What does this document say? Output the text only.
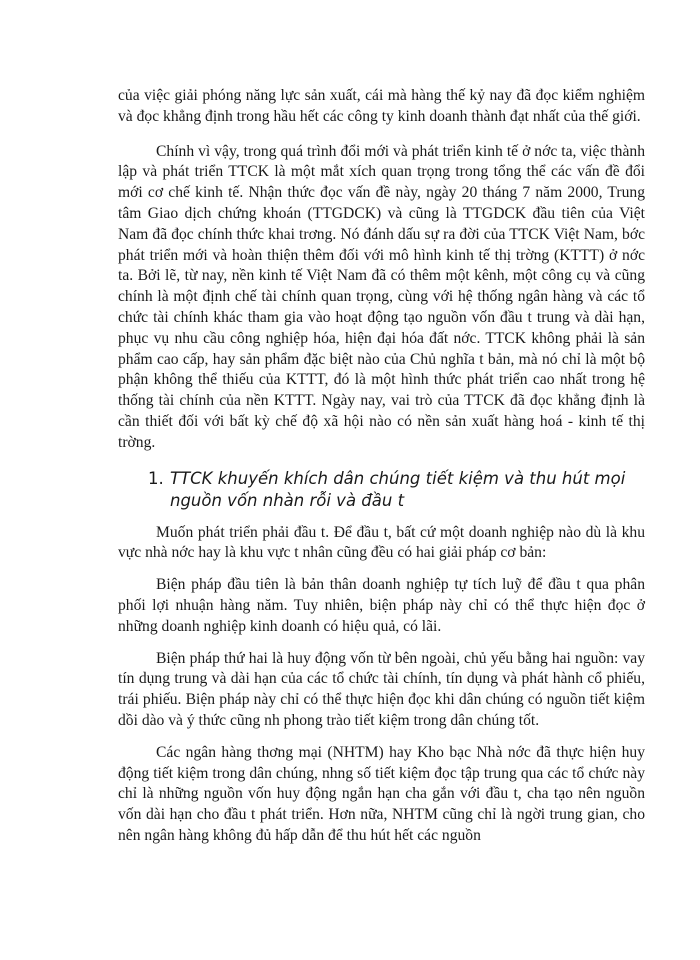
của việc giải phóng năng lực sản xuất, cái mà hàng thế kỷ nay đã đọc kiểm nghiệm và đọc khẳng định trong hầu hết các công ty kinh doanh thành đạt nhất của thế giới.

Chính vì vậy, trong quá trình đổi mới và phát triển kinh tế ở nớc ta, việc thành lập và phát triển TTCK là một mắt xích quan trọng trong tổng thể các vấn đề đổi mới cơ chế kinh tế. Nhận thức đọc vấn đề này, ngày 20 tháng 7 năm 2000, Trung tâm Giao dịch chứng khoán (TTGDCK) và cũng là TTGDCK đầu tiên của Việt Nam đã đọc chính thức khai trơng. Nó đánh dấu sự ra đời của TTCK Việt Nam, bớc phát triển mới và hoàn thiện thêm đối với mô hình kinh tế thị trờng (KTTT) ở nớc ta. Bởi lẽ, từ nay, nền kinh tế Việt Nam đã có thêm một kênh, một công cụ và cũng chính là một định chế tài chính quan trọng, cùng với hệ thống ngân hàng và các tổ chức tài chính khác tham gia vào hoạt động tạo nguồn vốn đầu t trung và dài hạn, phục vụ nhu cầu công nghiệp hóa, hiện đại hóa đất nớc. TTCK không phải là sản phẩm cao cấp, hay sản phẩm đặc biệt nào của Chủ nghĩa t bản, mà nó chỉ là một bộ phận không thể thiếu của KTTT, đó là một hình thức phát triển cao nhất trong hệ thống tài chính của nền KTTT. Ngày nay, vai trò của TTCK đã đọc khẳng định là cần thiết đối với bất kỳ chế độ xã hội nào có nền sản xuất hàng hoá - kinh tế thị trờng.

1. TTCK khuyến khích dân chúng tiết kiệm và thu hút mọi nguồn vốn nhàn rỗi và đầu t

Muốn phát triển phải đầu t. Để đầu t, bất cứ một doanh nghiệp nào dù là khu vực nhà nớc hay là khu vực t nhân cũng đều có hai giải pháp cơ bản:

Biện pháp đầu tiên là bản thân doanh nghiệp tự tích luỹ để đầu t qua phân phối lợi nhuận hàng năm. Tuy nhiên, biện pháp này chỉ có thể thực hiện đọc ở những doanh nghiệp kinh doanh có hiệu quả, có lãi.

Biện pháp thứ hai là huy động vốn từ bên ngoài, chủ yếu bằng hai nguồn: vay tín dụng trung và dài hạn của các tổ chức tài chính, tín dụng và phát hành cổ phiếu, trái phiếu. Biện pháp này chỉ có thể thực hiện đọc khi dân chúng có nguồn tiết kiệm dồi dào và ý thức cũng nh phong trào tiết kiệm trong dân chúng tốt.

Các ngân hàng thơng mại (NHTM) hay Kho bạc Nhà nớc đã thực hiện huy động tiết kiệm trong dân chúng, nhng số tiết kiệm đọc tập trung qua các tổ chức này chỉ là những nguồn vốn huy động ngắn hạn cha gắn với đầu t, cha tạo nên nguồn vốn dài hạn cho đầu t phát triển. Hơn nữa, NHTM cũng chỉ là ngời trung gian, cho nên ngân hàng không đủ hấp dẫn để thu hút hết các nguồn
